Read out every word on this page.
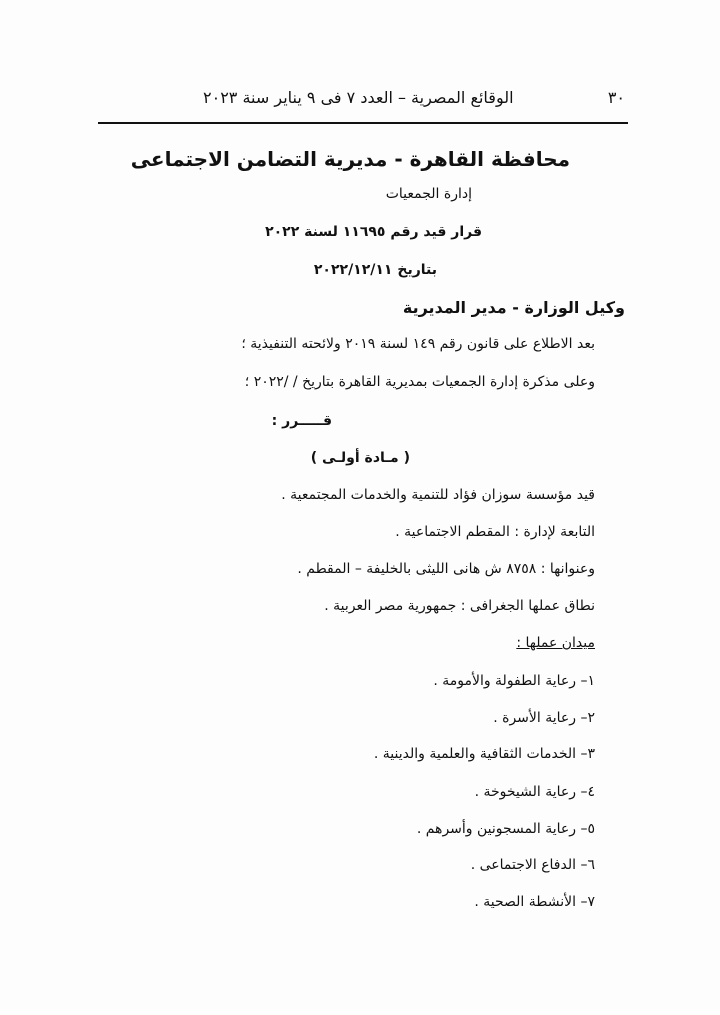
٣٠
الوقائع المصرية – العدد ٧ فى ٩ يناير سنة ٢٠٢٣
محافظة القاهرة - مديرية التضامن الاجتماعى
إدارة الجمعيات
قرار قيد رقم ١١٦٩٥ لسنة ٢٠٢٢
بتاريخ ٢٠٢٢/١٢/١١
وكيل الوزارة - مدير المديرية
بعد الاطلاع على قانون رقم ١٤٩ لسنة ٢٠١٩ ولائحته التنفيذية ؛
وعلى مذكرة إدارة الجمعيات بمديرية القاهرة بتاريخ / /٢٠٢٢ ؛
قـــــرر :
( مـادة أولـى )
قيد مؤسسة سوزان فؤاد للتنمية والخدمات المجتمعية .
التابعة لإدارة : المقطم الاجتماعية .
وعنوانها : ٨٧٥٨ ش هانى الليثى بالخليفة – المقطم .
نطاق عملها الجغرافى : جمهورية مصر العربية .
ميدان عملها :
١– رعاية الطفولة والأمومة .
٢– رعاية الأسرة .
٣– الخدمات الثقافية والعلمية والدينية .
٤– رعاية الشيخوخة .
٥– رعاية المسجونين وأسرهم .
٦– الدفاع الاجتماعى .
٧– الأنشطة الصحية .
